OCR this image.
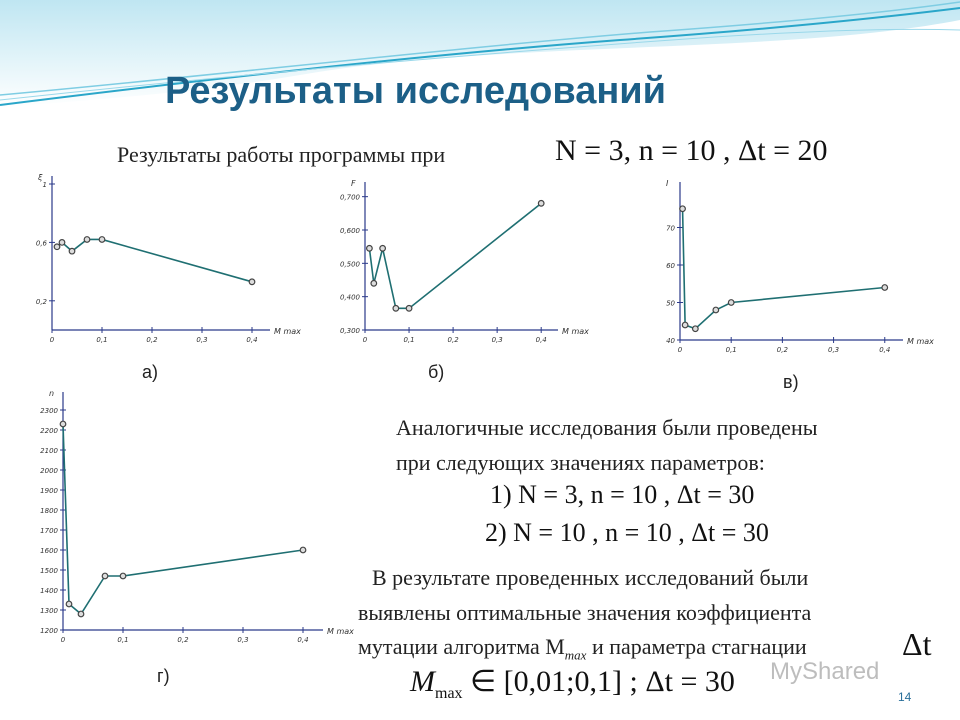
Результаты исследований
Результаты работы программы при	N = 3, n = 10 , Δt = 20
0,2
0,6
1
0	0,1	0,2	0,3	0,4
ξ
M max	0,300
0,400
0,500
0,600
0,700
0	0,1	0,2	0,3	0,4
F
M max
40
50
60
70
0	0,1	0,2	0,3	0,4
I
M max
1200
1300
1400
1500
1600
1700
1800
1900
2000
2100
2200
2300
0	0,1	0,2	0,3	0,4
n
M max
а)	б)	в)
г)
Аналогичные исследования были проведены
при следующих значениях параметров:
1) N = 3, n = 10 , Δt = 30
2) N = 10 , n = 10 , Δt = 30
В результате проведенных исследований были
выявлены оптимальные значения коэффициента
мутации алгоритма $M_{max}$ и параметра стагнации	Δt
$M_{max}$ ∈ [0,01;0,1] ; Δt = 30 MyShared
14
